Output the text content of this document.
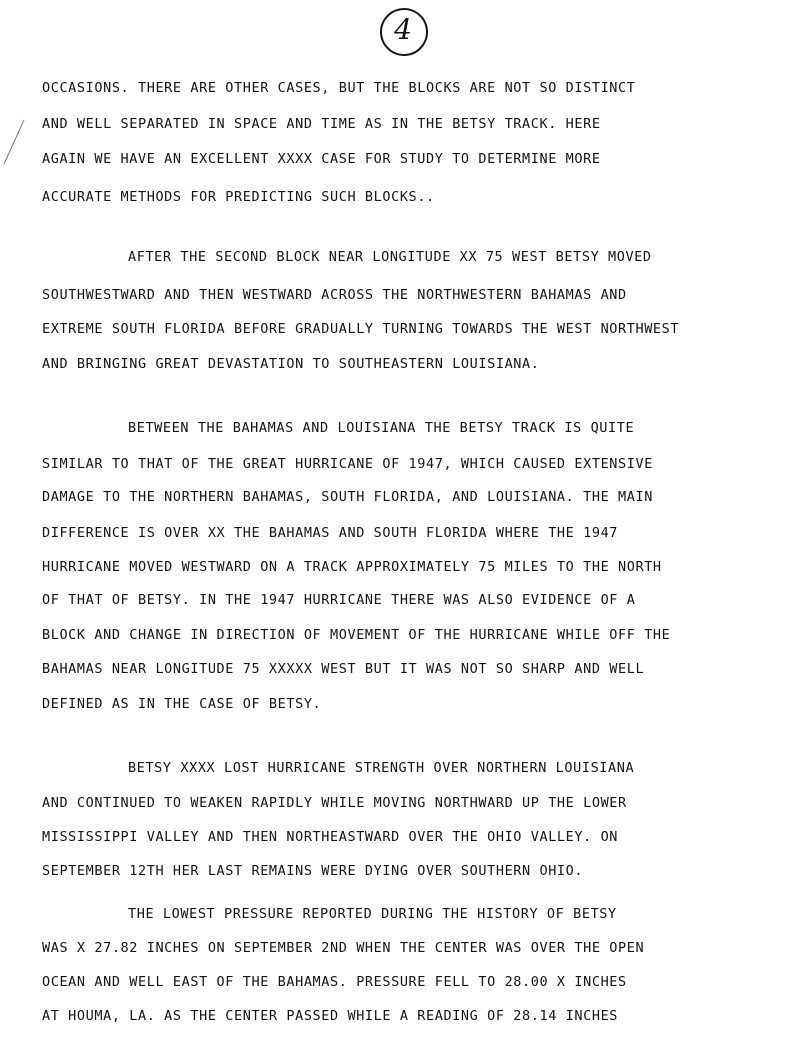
4
OCCASIONS. THERE ARE OTHER CASES, BUT THE BLOCKS ARE NOT SO DISTINCT
AND WELL SEPARATED IN SPACE AND TIME AS IN THE BETSY TRACK. HERE
AGAIN WE HAVE AN EXCELLENT XXXX CASE FOR STUDY TO DETERMINE MORE
ACCURATE METHODS FOR PREDICTING SUCH BLOCKS..
AFTER THE SECOND BLOCK NEAR LONGITUDE XX 75 WEST BETSY MOVED
SOUTHWESTWARD AND THEN WESTWARD ACROSS THE NORTHWESTERN BAHAMAS AND
EXTREME SOUTH FLORIDA BEFORE GRADUALLY TURNING TOWARDS THE WEST NORTHWEST
AND BRINGING GREAT DEVASTATION TO SOUTHEASTERN LOUISIANA.
BETWEEN THE BAHAMAS AND LOUISIANA THE BETSY TRACK IS QUITE
SIMILAR TO THAT OF THE GREAT HURRICANE OF 1947, WHICH CAUSED EXTENSIVE
DAMAGE TO THE NORTHERN BAHAMAS, SOUTH FLORIDA, AND LOUISIANA. THE MAIN
DIFFERENCE IS OVER XX THE BAHAMAS AND SOUTH FLORIDA WHERE THE 1947
HURRICANE MOVED WESTWARD ON A TRACK APPROXIMATELY 75 MILES TO THE NORTH
OF THAT OF BETSY. IN THE 1947 HURRICANE THERE WAS ALSO EVIDENCE OF A
BLOCK AND CHANGE IN DIRECTION OF MOVEMENT OF THE HURRICANE WHILE OFF THE
BAHAMAS NEAR LONGITUDE 75 XXXXX WEST BUT IT WAS NOT SO SHARP AND WELL
DEFINED AS IN THE CASE OF BETSY.
BETSY XXXX LOST HURRICANE STRENGTH OVER NORTHERN LOUISIANA
AND CONTINUED TO WEAKEN RAPIDLY WHILE MOVING NORTHWARD UP THE LOWER
MISSISSIPPI VALLEY AND THEN NORTHEASTWARD OVER THE OHIO VALLEY. ON
SEPTEMBER 12TH HER LAST REMAINS WERE DYING OVER SOUTHERN OHIO.
THE LOWEST PRESSURE REPORTED DURING THE HISTORY OF BETSY
WAS X 27.82 INCHES ON SEPTEMBER 2ND WHEN THE CENTER WAS OVER THE OPEN
OCEAN AND WELL EAST OF THE BAHAMAS. PRESSURE FELL TO 28.00 X INCHES
AT HOUMA, LA. AS THE CENTER PASSED WHILE A READING OF 28.14 INCHES
